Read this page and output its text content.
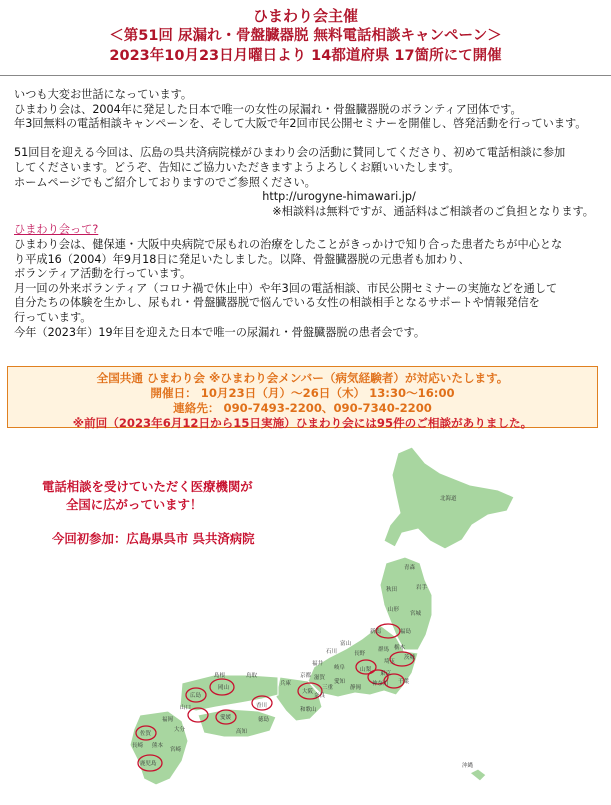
ひまわり会主催
＜第51回 尿漏れ・骨盤臓器脱 無料電話相談キャンペーン＞
2023年10月23日月曜日より 14都道府県 17箇所にて開催

いつも大変お世話になっています。

ひまわり会は、2004年に発足した日本で唯一の女性の尿漏れ・骨盤臓器脱のボランティア団体です。

年3回無料の電話相談キャンペーンを、そして大阪で年2回市民公開セミナーを開催し、啓発活動を行っています。

51回目を迎える今回は、広島の呉共済病院様がひまわり会の活動に賛同してくださり、初めて電話相談に参加

してくださいます。どうぞ、告知にご協力いただきますようよろしくお願いいたします。

ホームページでもご紹介しておりますのでご参照ください。

http://urogyne-himawari.jp/

※相談料は無料ですが、通話料はご相談者のご負担となります。

ひまわり会って?

ひまわり会は、健保連・大阪中央病院で尿もれの治療をしたことがきっかけで知り合った患者たちが中心とな

り平成16（2004）年9月18日に発足いたしました。以降、骨盤臓器脱の元患者も加わり、

ボランティア活動を行っています。

月一回の外来ボランティア（コロナ禍で休止中）や年3回の電話相談、市民公開セミナーの実施などを通して

自分たちの体験を生かし、尿もれ・骨盤臓器脱で悩んでいる女性の相談相手となるサポートや情報発信を

行っています。

今年（2023年）19年目を迎えた日本で唯一の尿漏れ・骨盤臓器脱の患者会です。

全国共通 ひまわり会 ※ひまわり会メンバー（病気経験者）が対応いたします。
開催日： 10月23日（月）～26日（木） 13:30～16:00
連絡先： 090-7493-2200、090-7340-2200
※前回（2023年6月12日から15日実施）ひまわり会には95件のご相談がありました。
北海道
青森
岩手
秋田
山形
宮城
福島
新潟
栃木
茨城
群馬
埼玉
東京
千葉
神奈川
山梨
静岡
長野
富山
石川
岐阜
愛知
福井
京都 滋賀
大阪
奈良
三重
和歌山
兵庫
鳥取
岡山
島根
広島
山口	香川
徳島
愛媛
高知
福岡
大分
佐賀
長崎 熊本
宮崎
鹿児島	沖縄
電話相談を受けていただく医療機関が
全国に広がっています！
今回初参加：広島県呉市 呉共済病院
